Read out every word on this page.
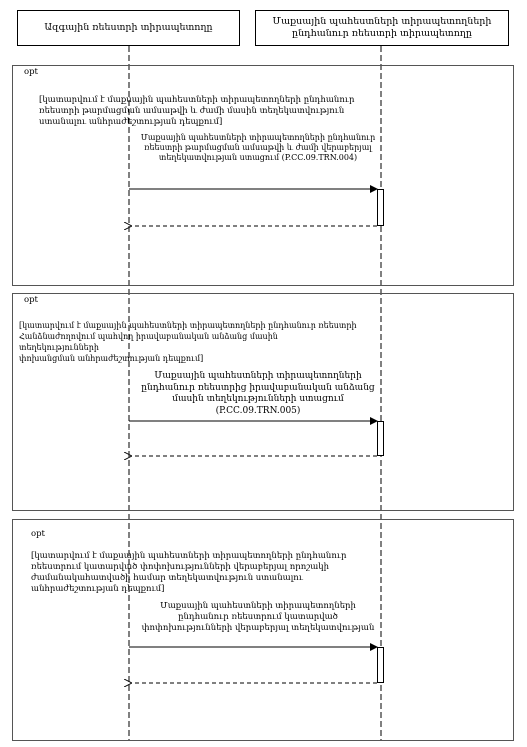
Ազգային ռեեստրի տիրապետողը
Մաքսային պահեստների տիրապետողների ընդհանուր ռեեստրի տիրապետողը
opt
[կատարվում է մաքսային պահեստների տիրապետողների ընդհանուր
ռեեստրի թարմացման ամսաթվի և ժամի մասին տեղեկատվություն
ստանալու անհրաժեշտության դեպքում]
Մաքսային պահեստների տիրապետողների ընդհանուր
ռեեստրի թարմացման ամսաթվի և ժամի վերաբերյալ
տեղեկատվության ստացում (P.CC.09.TRN.004)
opt
[կատարվում է մաքսային պահեստների տիրապետողների ընդհանուր ռեեստրի
Հանձնաժողովում պահվող իրավաբանական անձանց մասին տեղեկությունների
փոխանցման անհրաժեշտության դեպքում]
Մաքսային պահեստների տիրապետողների
ընդհանուր ռեեստրից իրավաբանական անձանց
մասին տեղեկությունների ստացում (P.CC.09.TRN.005)
opt
[կատարվում է մաքսային պահեստների տիրապետողների ընդհանուր
ռեեստրում կատարված փոփոխությունների վերաբերյալ որոշակի
ժամանակահատվածի համար տեղեկատվություն ստանալու
անհրաժեշտության դեպքում]
Մաքսային պահեստների տիրապետողների
ընդհանուր ռեեստրում կատարված
փոփոխությունների վերաբերյալ տեղեկատվության
